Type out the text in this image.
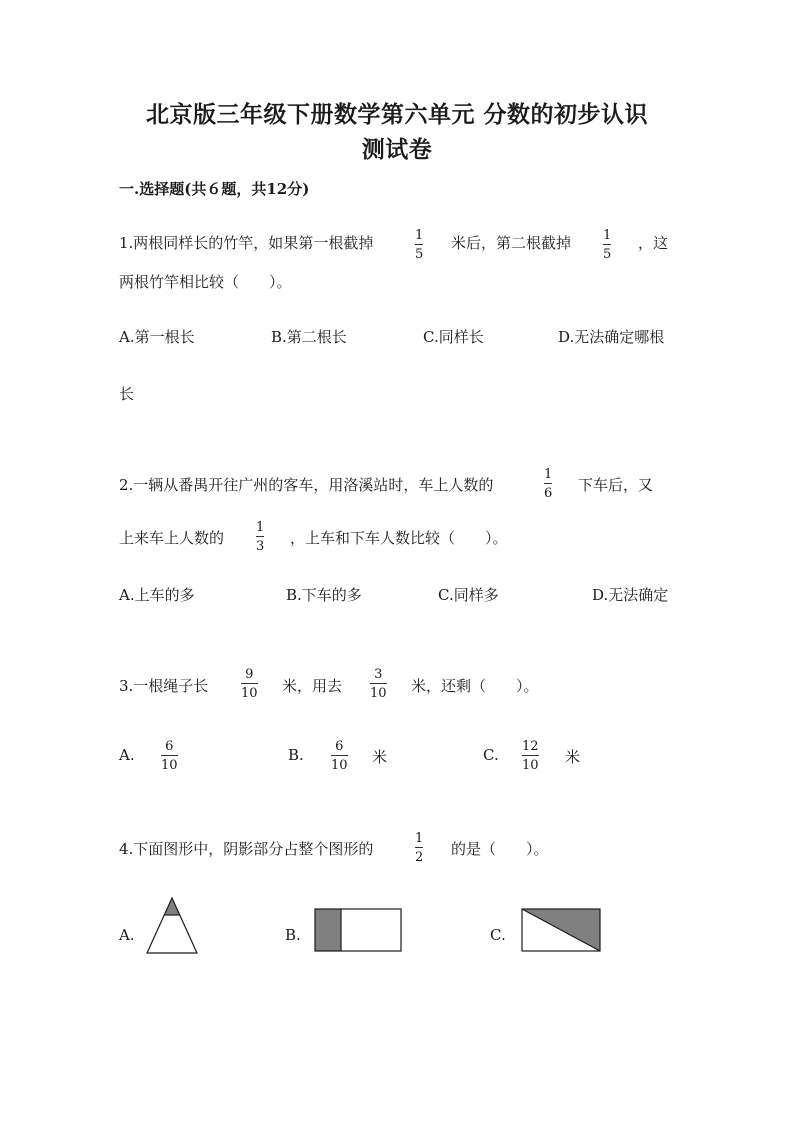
北京版三年级下册数学第六单元 分数的初步认识
测试卷
一.选择题(共６题，共12分)
1.两根同样长的竹竿，如果第一根截掉	1
5
米后，第二根截掉 1
5
，这
两根竹竿相比较（　　）。
A.第一根长	B.第二根长	C.同样长	D.无法确定哪根
长
2.一辆从番禺开往广州的客车，用洛溪站时，车上人数的
1
6 下车后，又
上来车上人数的
1
3 ，上车和下车人数比较（　　）。
A.上车的多	B.下车的多	C.同样多	D.无法确定
3.一根绳子长
9
10 米，用去
3
10 米，还剩（　　）。
A. 6
10
B. 6
10 米	C. 12
10 米
4.下面图形中，阴影部分占整个图形的
1
2 的是（　　）。
A.	B.	C.
